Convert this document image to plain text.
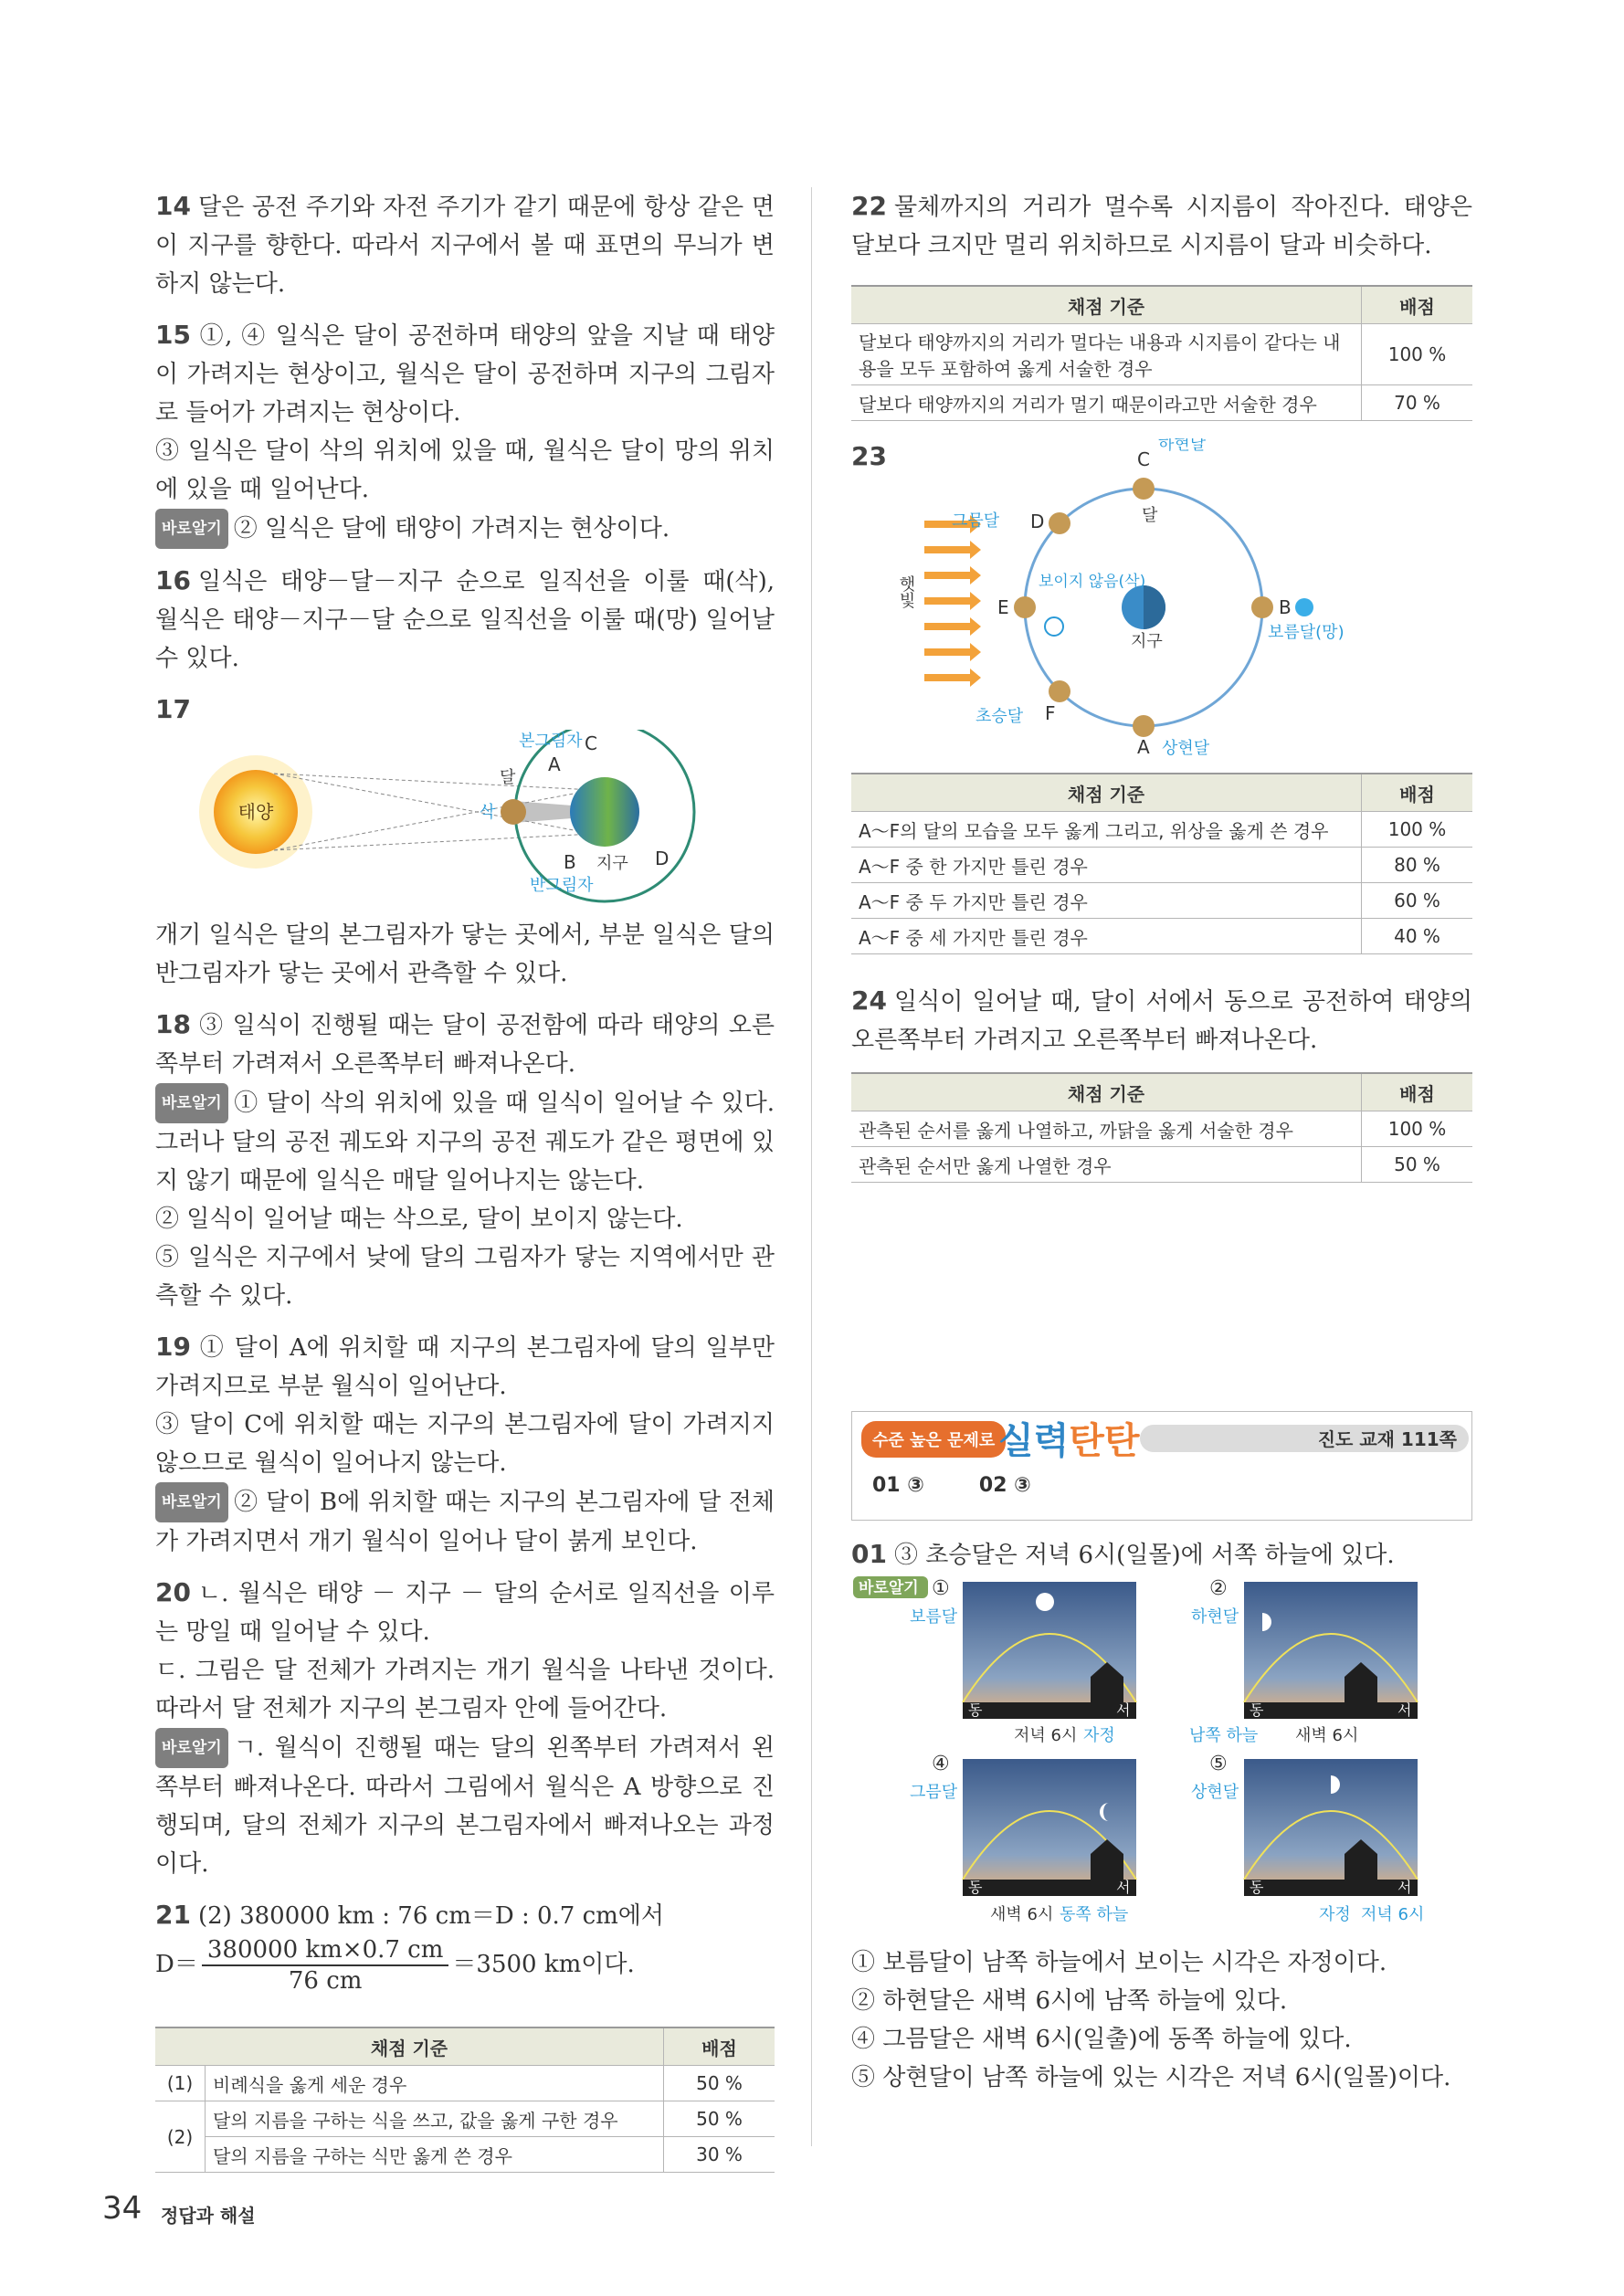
14 달은 공전 주기와 자전 주기가 같기 때문에 항상 같은 면이 지구를 향한다. 따라서 지구에서 볼 때 표면의 무늬가 변하지 않는다.

15 ①, ④ 일식은 달이 공전하며 태양의 앞을 지날 때 태양이 가려지는 현상이고, 월식은 달이 공전하며 지구의 그림자로 들어가 가려지는 현상이다.

③ 일식은 달이 삭의 위치에 있을 때, 월식은 달이 망의 위치에 있을 때 일어난다.

바로알기 ② 일식은 달에 태양이 가려지는 현상이다.

16 일식은 태양－달－지구 순으로 일직선을 이룰 때(삭), 월식은 태양－지구－달 순으로 일직선을 이룰 때(망) 일어날 수 있다.

17

태양
달
삭
본그림자 C
A
B 지구 D
반그림자

개기 일식은 달의 본그림자가 닿는 곳에서, 부분 일식은 달의 반그림자가 닿는 곳에서 관측할 수 있다.

18 ③ 일식이 진행될 때는 달이 공전함에 따라 태양의 오른쪽부터 가려져서 오른쪽부터 빠져나온다.

바로알기 ① 달이 삭의 위치에 있을 때 일식이 일어날 수 있다. 그러나 달의 공전 궤도와 지구의 공전 궤도가 같은 평면에 있지 않기 때문에 일식은 매달 일어나지는 않는다.

② 일식이 일어날 때는 삭으로, 달이 보이지 않는다.

⑤ 일식은 지구에서 낮에 달의 그림자가 닿는 지역에서만 관측할 수 있다.

19 ① 달이 A에 위치할 때 지구의 본그림자에 달의 일부만 가려지므로 부분 월식이 일어난다.

③ 달이 C에 위치할 때는 지구의 본그림자에 달이 가려지지 않으므로 월식이 일어나지 않는다.

바로알기 ② 달이 B에 위치할 때는 지구의 본그림자에 달 전체가 가려지면서 개기 월식이 일어나 달이 붉게 보인다.

20 ㄴ. 월식은 태양 － 지구 － 달의 순서로 일직선을 이루는 망일 때 일어날 수 있다.

ㄷ. 그림은 달 전체가 가려지는 개기 월식을 나타낸 것이다. 따라서 달 전체가 지구의 본그림자 안에 들어간다.

바로알기 ㄱ. 월식이 진행될 때는 달의 왼쪽부터 가려져서 왼쪽부터 빠져나온다. 따라서 그림에서 월식은 A 방향으로 진행되며, 달의 전체가 지구의 본그림자에서 빠져나오는 과정이다.

21 (2) 380000 km : 76 cm＝D : 0.7 cm에서

$D= \frac{380000 km\times 0.7 cm}{76 cm} =3500$ km이다.

채점 기준		배점
(1)	비례식을 옳게 세운 경우	50 %
(2)	달의 지름을 구하는 식을 쓰고, 값을 옳게 구한 경우	50 %
	달의 지름을 구하는 식만 옳게 쓴 경우	30 %

22 물체까지의 거리가 멀수록 시지름이 작아진다. 태양은 달보다 크지만 멀리 위치하므로 시지름이 달과 비슷하다.

채점 기준	배점
달보다 태양까지의 거리가 멀다는 내용과 시지름이 같다는 내용을 모두 포함하여 옳게 서술한 경우	100 %
달보다 태양까지의 거리가 멀기 때문이라고만 서술한 경우	70 %

23

햇빛
지구
C
하현달
달
D
그믐달
E
보이지 않음(삭)
B
보름달(망)
F
초승달
A 상현달
채점 기준	배점
A～F의 달의 모습을 모두 옳게 그리고, 위상을 옳게 쓴 경우	100 %
A～F 중 한 가지만 틀린 경우	80 %
A～F 중 두 가지만 틀린 경우	60 %
A～F 중 세 가지만 틀린 경우	40 %

24 일식이 일어날 때, 달이 서에서 동으로 공전하여 태양의 오른쪽부터 가려지고 오른쪽부터 빠져나온다.

채점 기준	배점
관측된 순서를 옳게 나열하고, 까닭을 옳게 서술한 경우	100 %
관측된 순서만 옳게 나열한 경우	50 %
수준 높은 문제로 실력탄탄	진도 교재 111쪽
01 ③	02 ③

01 ③ 초승달은 저녁 6시(일몰)에 서쪽 하늘에 있다.

바로알기 ①
보름달
동	서
저녁 6시 자정
②
하현달
동	서
남쪽 하늘 새벽 6시
④
그믐달
동	서
새벽 6시 동쪽 하늘
⑤
상현달
동	서
자정 저녁 6시

① 보름달이 남쪽 하늘에서 보이는 시각은 자정이다.

② 하현달은 새벽 6시에 남쪽 하늘에 있다.

④ 그믐달은 새벽 6시(일출)에 동쪽 하늘에 있다.

⑤ 상현달이 남쪽 하늘에 있는 시각은 저녁 6시(일몰)이다.

34 정답과 해설
